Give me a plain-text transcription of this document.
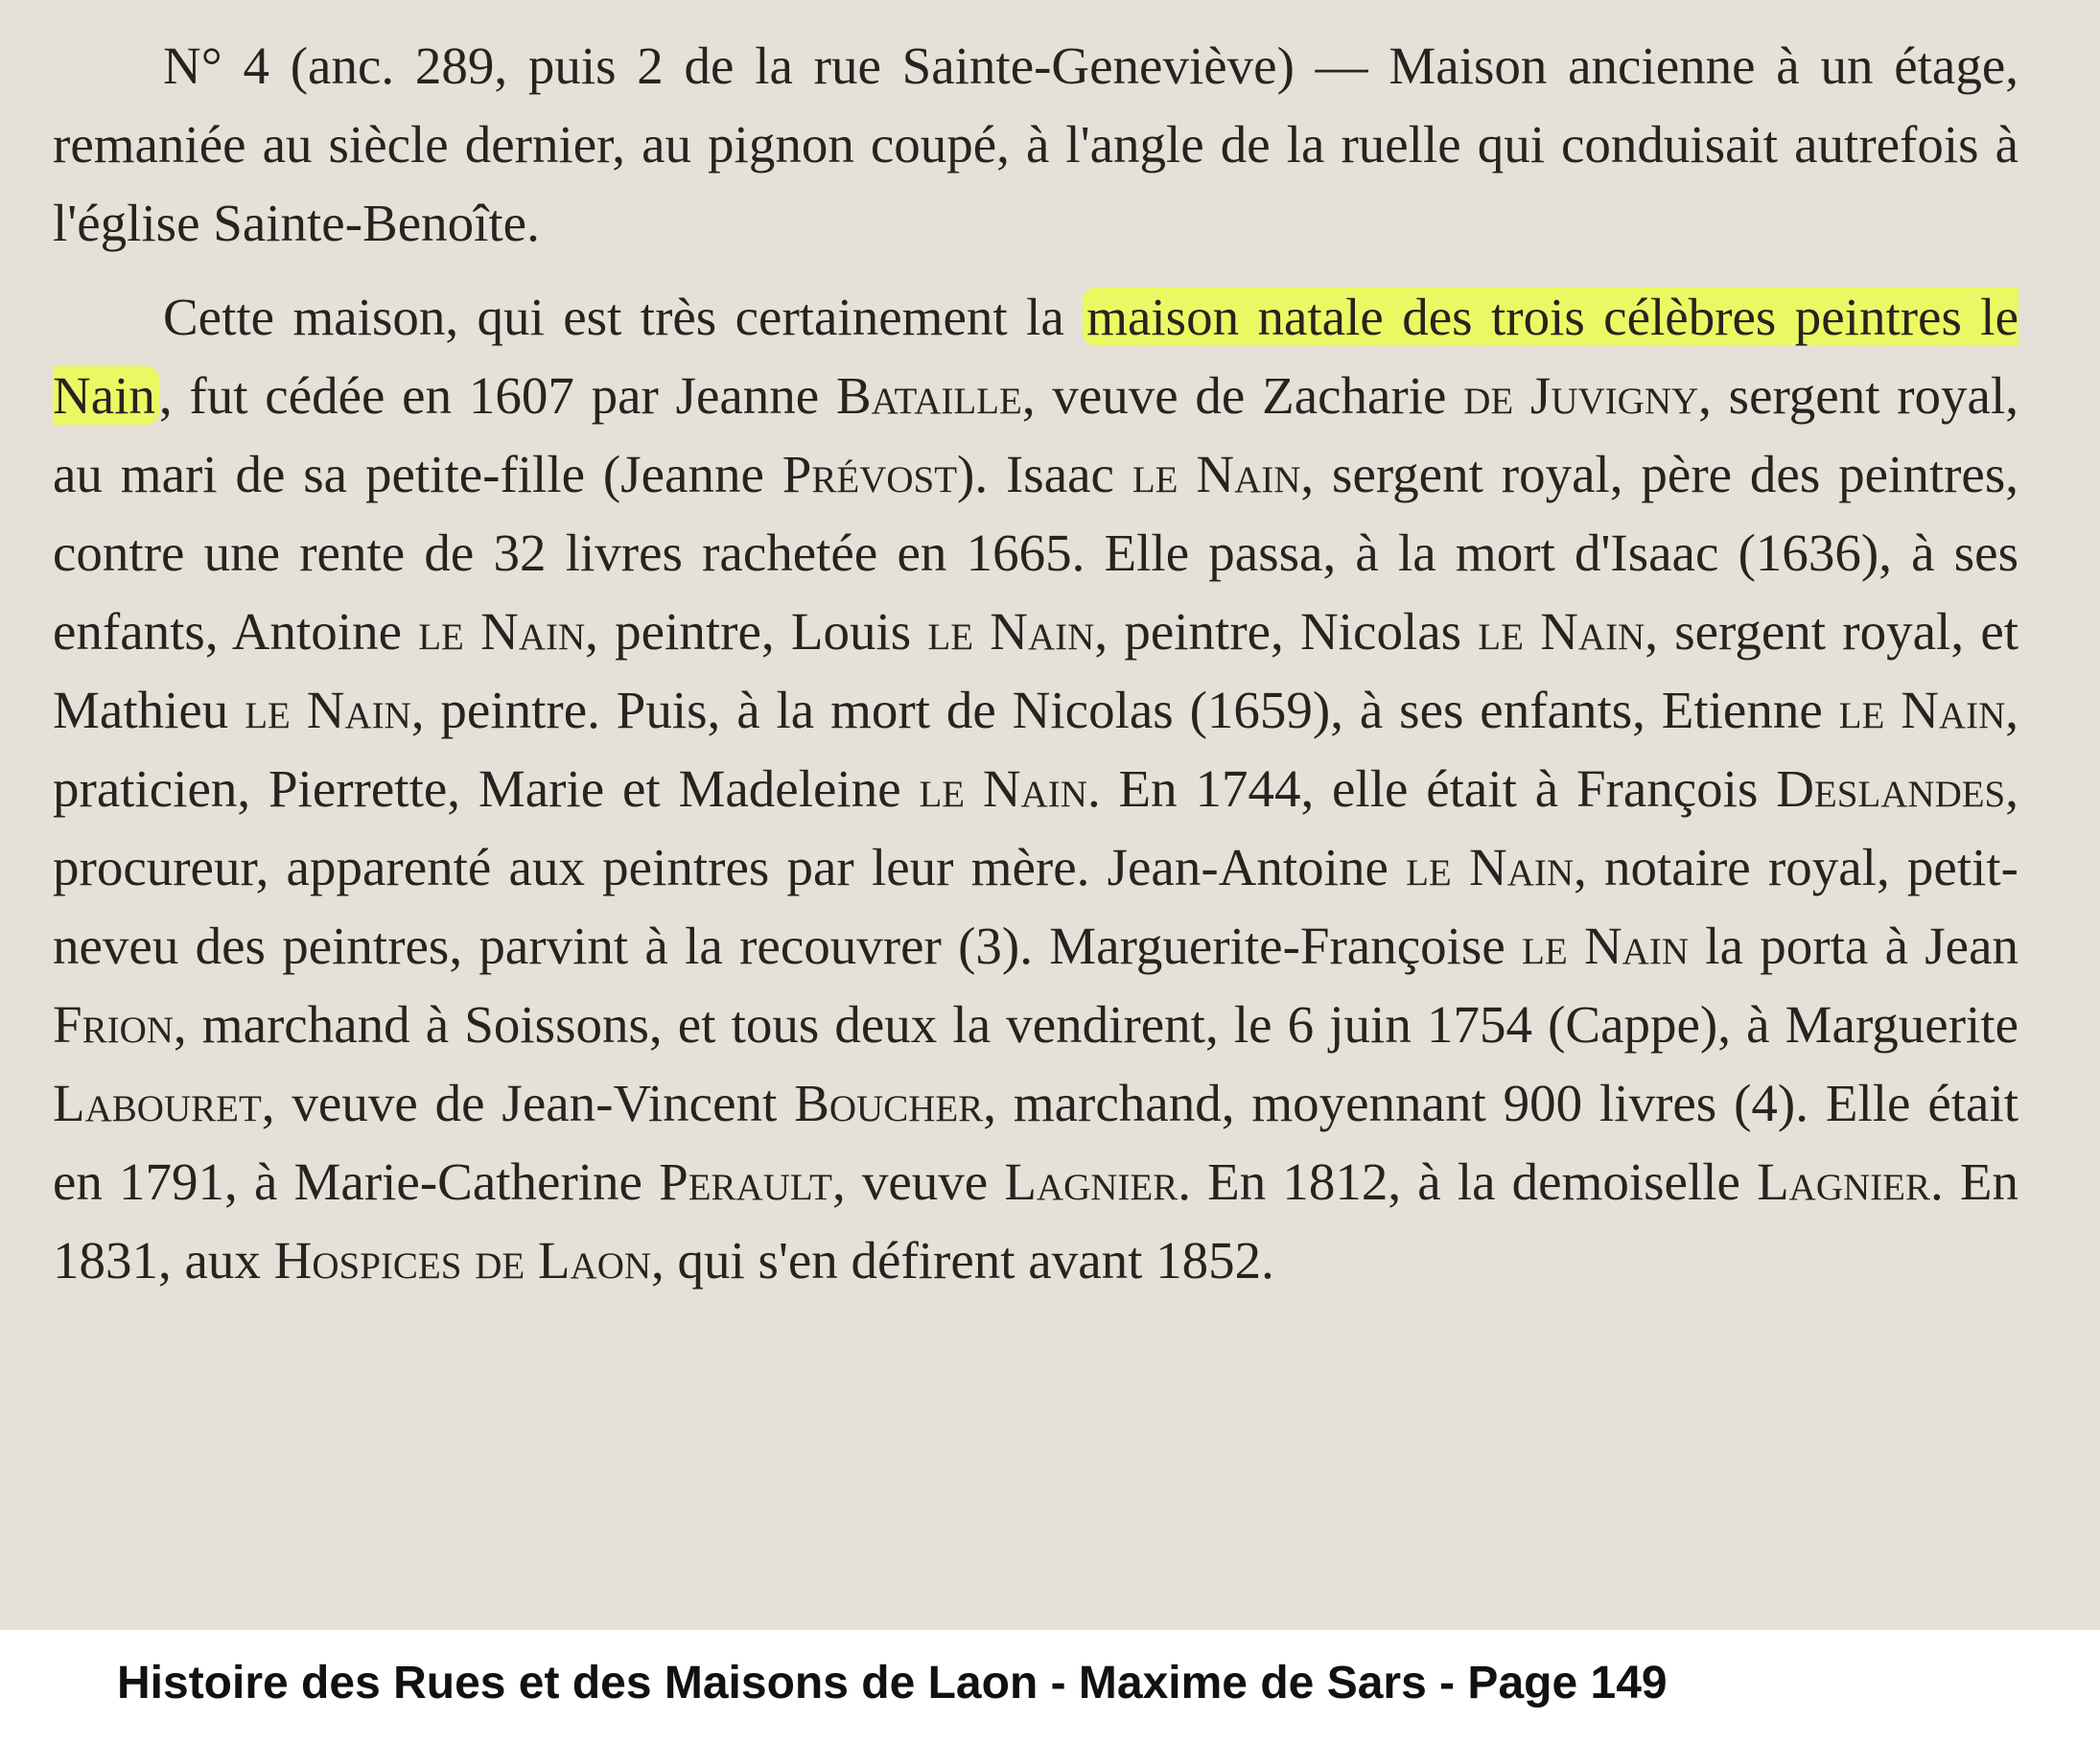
N° 4 (anc. 289, puis 2 de la rue Sainte-Geneviève) — Maison ancienne à un étage, remaniée au siècle dernier, au pignon coupé, à l'angle de la ruelle qui conduisait autrefois à l'église Sainte-Benoîte.

Cette maison, qui est très certainement la maison natale des trois célèbres peintres le Nain, fut cédée en 1607 par Jeanne Bataille, veuve de Zacharie de Juvigny, sergent royal, au mari de sa petite-fille (Jeanne Prévost). Isaac le Nain, sergent royal, père des peintres, contre une rente de 32 livres rachetée en 1665. Elle passa, à la mort d'Isaac (1636), à ses enfants, Antoine le Nain, peintre, Louis le Nain, peintre, Nicolas le Nain, sergent royal, et Mathieu le Nain, peintre. Puis, à la mort de Nicolas (1659), à ses enfants, Etienne le Nain, praticien, Pierrette, Marie et Madeleine le Nain. En 1744, elle était à François Deslandes, procureur, apparenté aux peintres par leur mère. Jean-Antoine le Nain, notaire royal, petit-neveu des peintres, parvint à la recouvrer (3). Marguerite-Françoise le Nain la porta à Jean Frion, marchand à Soissons, et tous deux la vendirent, le 6 juin 1754 (Cappe), à Marguerite Labouret, veuve de Jean-Vincent Boucher, marchand, moyennant 900 livres (4). Elle était en 1791, à Marie-Catherine Perault, veuve Lagnier. En 1812, à la demoiselle Lagnier. En 1831, aux Hospices de Laon, qui s'en défirent avant 1852.

Histoire des Rues et des Maisons de Laon - Maxime de Sars - Page 149
